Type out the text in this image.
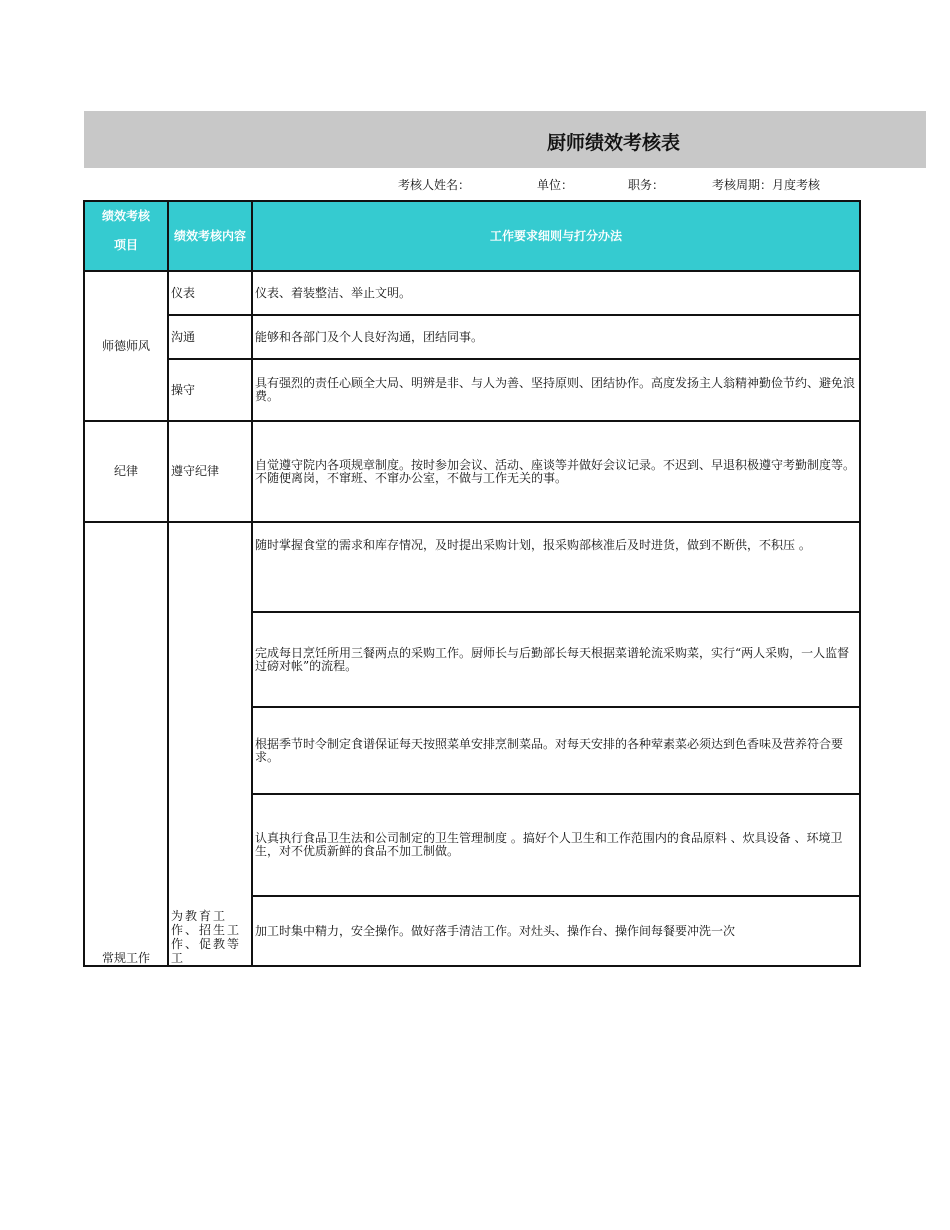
厨师绩效考核表
考核人姓名：	单位：	职务：	考核周期：月度考核
绩效考核
项目	绩效考核内容	工作要求细则与打分办法
师德师风	仪表	仪表、着装整洁、举止文明。
	沟通	能够和各部门及个人良好沟通，团结同事。
	操守	具有强烈的责任心顾全大局、明辨是非、与人为善、坚持原则、团结协作。高度发扬主人翁精神勤俭节约、避免浪费。
纪律	遵守纪律	自觉遵守院内各项规章制度。按时参加会议、活动、座谈等并做好会议记录。不迟到、早退积极遵守考勤制度等。不随便离岗，不窜班、不窜办公室，不做与工作无关的事。
常规工作	为教育工作、招生工作、促教等工	随时掌握食堂的需求和库存情况，及时提出采购计划，报采购部核准后及时进货，做到不断供，不积压 。
		完成每日烹饪所用三餐两点的采购工作。厨师长与后勤部长每天根据菜谱轮流采购菜，实行“两人采购，一人监督过磅对帐”的流程。
		根据季节时令制定食谱保证每天按照菜单安排烹制菜品。对每天安排的各种荤素菜必须达到色香味及营养符合要求。
		认真执行食品卫生法和公司制定的卫生管理制度 。搞好个人卫生和工作范围内的食品原料 、炊具设备 、环境卫生，对不优质新鲜的食品不加工制做。
		加工时集中精力，安全操作。做好落手清洁工作。对灶头、操作台、操作间每餐要冲洗一次
